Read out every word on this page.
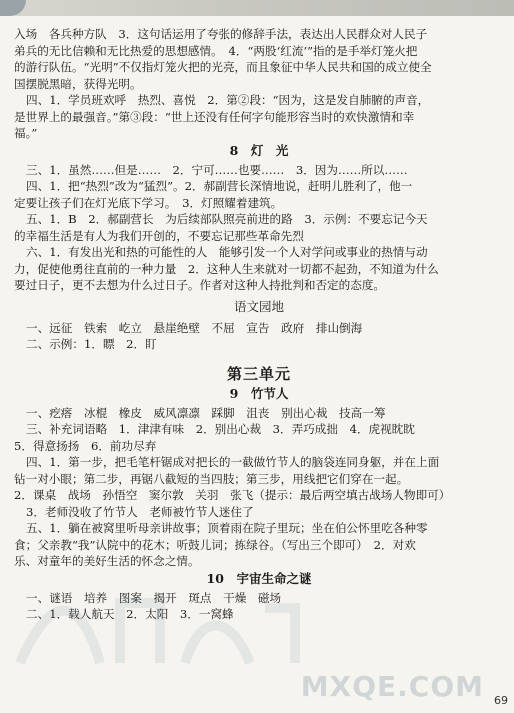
入场　各兵种方队　3．这句话运用了夸张的修辞手法，表达出人民群众对人民子

弟兵的无比信赖和无比热爱的思想感情。　4．“两股‘红流’”指的是手举灯笼火把

的游行队伍。“光明”不仅指灯笼火把的光亮，而且象征中华人民共和国的成立使全

国摆脱黑暗，获得光明。

四、1．学员班欢呼　热烈、喜悦　2．第②段：“因为，这是发自肺腑的声音，

是世界上的最强音。”第③段：“世上还没有任何字句能形容当时的欢快激情和幸

福。”

8　灯　光

三、1．虽然……但是……　2．宁可……也要……　3．因为……所以……

四、1．把“热烈”改为“猛烈”。2．郝副营长深情地说，赶明儿胜利了，他一

定要让孩子们在灯光底下学习。　3．灯照耀着建筑。

五、1．B　2．郝副营长　为后续部队照亮前进的路　3．示例：不要忘记今天

的幸福生活是有人为我们开创的，不要忘记那些革命先烈

六、1．有发出光和热的可能性的人　能够引发一个人对学问或事业的热情与动

力，促使他勇往直前的一种力量　2．这种人生来就对一切都不起劲，不知道为什么

要过日子，更不去想为什么过日子。作者对这种人持批判和否定的态度。

语文园地

一、远征　铁索　屹立　悬崖绝壁　不屈　宣告　政府　排山倒海

二、示例：1．瞟　2．盯

第三单元

9　竹节人

一、疙瘩　冰棍　橡皮　威风凛凛　踩脚　沮丧　别出心裁　技高一筹

三、补充词语略　1．津津有味　2．别出心裁　3．弄巧成拙　4．虎视眈眈

5．得意扬扬　6．前功尽弃

四、1．第一步，把毛笔杆锯成对把长的一截做竹节人的脑袋连同身躯，并在上面

钻一对小眼；第二步，再锯八截短的当四肢；第三步，用线把它们穿在一起。

2．课桌　战场　孙悟空　窦尔敦　关羽　张飞（提示：最后两空填古战场人物即可）

3．老师没收了竹节人　老师被竹节人迷住了

五、1．躺在被窝里听母亲讲故事；顶着雨在院子里玩；坐在伯公怀里吃各种零

食；父亲教“我”认院中的花木；听鼓儿词；拣绿谷。（写出三个即可）　2．对欢

乐、对童年的美好生活的怀念之情。

10　宇宙生命之谜

一、谜语　培养　图案　揭开　斑点　干燥　磁场

二、1．载人航天　2．太阳　3．一窝蜂

MXQE.COM 69
